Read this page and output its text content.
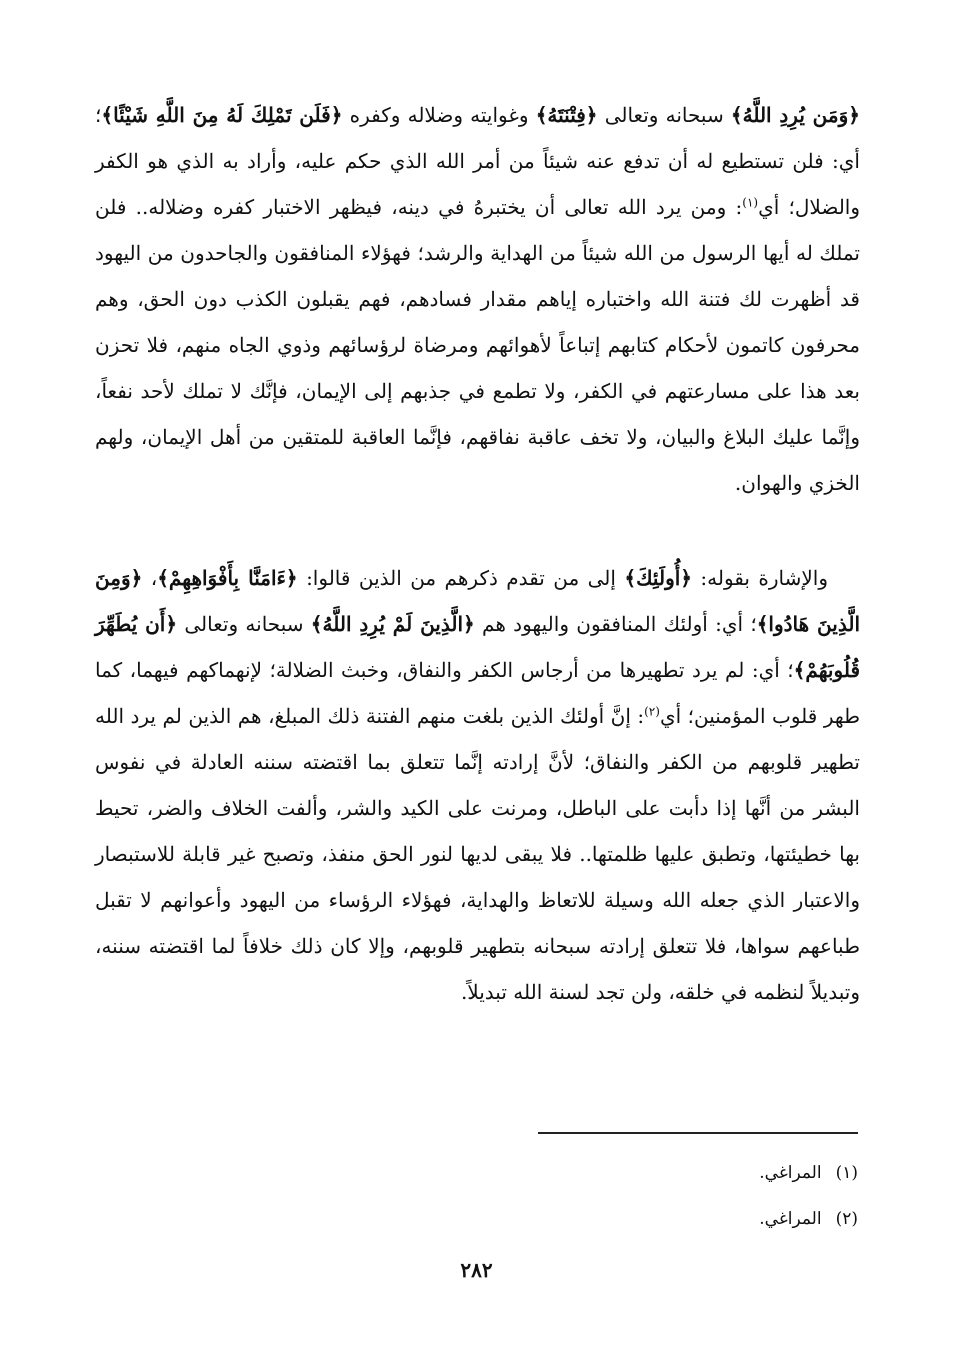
﴿وَمَن يُرِدِ اللَّهُ﴾ سبحانه وتعالى ﴿فِتْنَتَهُ﴾ وغوايته وضلاله وكفره ﴿فَلَن تَمْلِكَ لَهُ مِنَ اللَّهِ شَيْئًا﴾؛ أي: فلن تستطيع له أن تدفع عنه شيئاً من أمر الله الذي حكم عليه، وأراد به الذي هو الكفر والضلال؛ أي$^{(١)}$: ومن يرد الله تعالى أن يختبرهُ في دينه، فيظهر الاختبار كفره وضلاله.. فلن تملك له أيها الرسول من الله شيئاً من الهداية والرشد؛ فهؤلاء المنافقون والجاحدون من اليهود قد أظهرت لك فتنة الله واختباره إياهم مقدار فسادهم، فهم يقبلون الكذب دون الحق، وهم محرفون كاتمون لأحكام كتابهم إتباعاً لأهوائهم ومرضاة لرؤسائهم وذوي الجاه منهم، فلا تحزن بعد هذا على مسارعتهم في الكفر، ولا تطمع في جذبهم إلى الإيمان، فإنَّك لا تملك لأحد نفعاً، وإنَّما عليك البلاغ والبيان، ولا تخف عاقبة نفاقهم، فإنَّما العاقبة للمتقين من أهل الإيمان، ولهم الخزي والهوان.

والإشارة بقوله: ﴿أُولَئِكَ﴾ إلى من تقدم ذكرهم من الذين قالوا: ﴿ءَامَنَّا بِأَفْوَاهِهِمْ﴾، ﴿وَمِنَ الَّذِينَ هَادُوا﴾؛ أي: أولئك المنافقون واليهود هم ﴿الَّذِينَ لَمْ يُرِدِ اللَّهُ﴾ سبحانه وتعالى ﴿أَن يُطَهِّرَ قُلُوبَهُمْ﴾؛ أي: لم يرد تطهيرها من أرجاس الكفر والنفاق، وخبث الضلالة؛ لإنهماكهم فيهما، كما طهر قلوب المؤمنين؛ أي$^{(٢)}$: إنَّ أولئك الذين بلغت منهم الفتنة ذلك المبلغ، هم الذين لم يرد الله تطهير قلوبهم من الكفر والنفاق؛ لأنَّ إرادته إنَّما تتعلق بما اقتضته سننه العادلة في نفوس البشر من أنَّها إذا دأبت على الباطل، ومرنت على الكيد والشر، وألفت الخلاف والضر، تحيط بها خطيئتها، وتطبق عليها ظلمتها.. فلا يبقى لديها لنور الحق منفذ، وتصبح غير قابلة للاستبصار والاعتبار الذي جعله الله وسيلة للاتعاظ والهداية، فهؤلاء الرؤساء من اليهود وأعوانهم لا تقبل طباعهم سواها، فلا تتعلق إرادته سبحانه بتطهير قلوبهم، وإلا كان ذلك خلافاً لما اقتضته سننه، وتبديلاً لنظمه في خلقه، ولن تجد لسنة الله تبديلاً.

(١)المراغي.
(٢)المراغي.
٢٨٢
